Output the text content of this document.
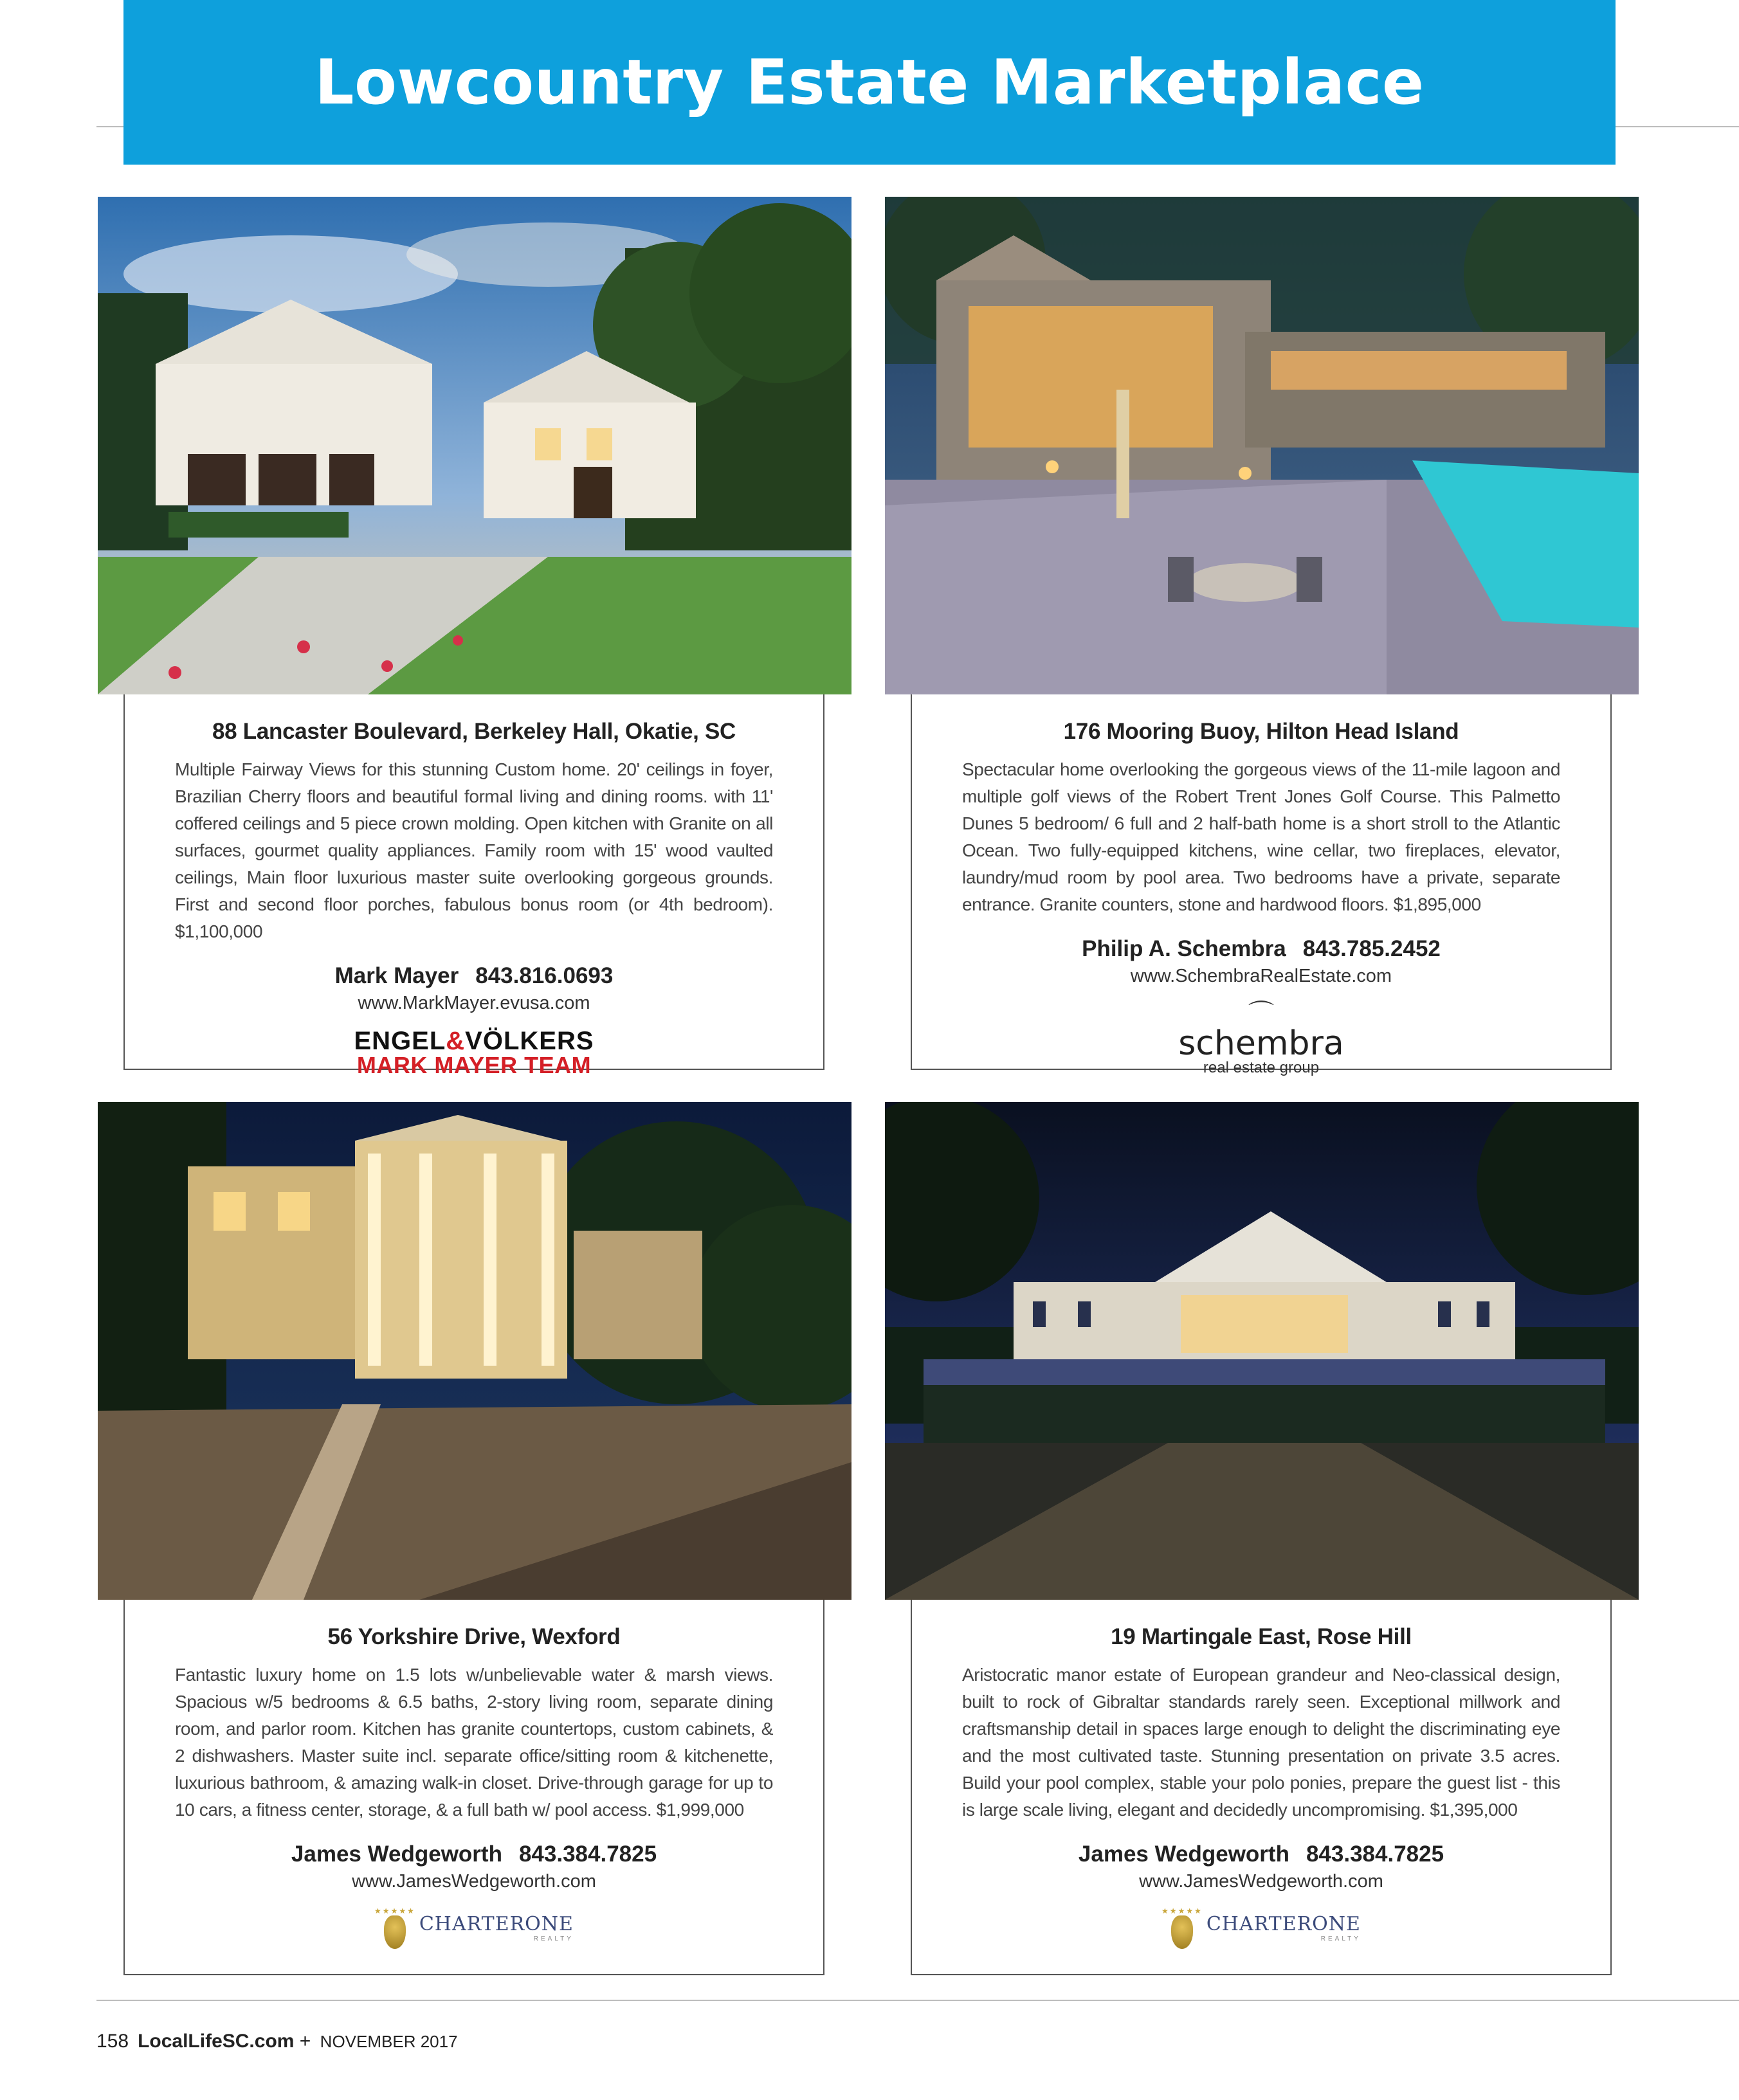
Lowcountry Estate Marketplace
88 Lancaster Boulevard, Berkeley Hall, Okatie, SC

Multiple Fairway Views for this stunning Custom home. 20' ceilings in foyer, Brazilian Cherry floors and beautiful formal living and dining rooms. with 11' coffered ceilings and 5 piece crown molding. Open kitchen with Granite on all surfaces, gourmet quality appliances. Family room with 15' wood vaulted ceilings, Main floor luxurious master suite overlooking gorgeous grounds. First and second floor porches, fabulous bonus room (or 4th bedroom). $1,100,000

Mark Mayer 843.816.0693
www.MarkMayer.evusa.com
ENGEL&VÖLKERS
MARK MAYER TEAM
176 Mooring Buoy, Hilton Head Island

Spectacular home overlooking the gorgeous views of the 11-mile lagoon and multiple golf views of the Robert Trent Jones Golf Course. This Palmetto Dunes 5 bedroom/ 6 full and 2 half-bath home is a short stroll to the Atlantic Ocean. Two fully-equipped kitchens, wine cellar, two fireplaces, elevator, laundry/mud room by pool area. Two bedrooms have a private, separate entrance. Granite counters, stone and hardwood floors. $1,895,000

Philip A. Schembra 843.785.2452
www.SchembraRealEstate.com
⌒
schembra
real estate group
56 Yorkshire Drive, Wexford

Fantastic luxury home on 1.5 lots w/unbelievable water & marsh views. Spacious w/5 bedrooms & 6.5 baths, 2-story living room, separate dining room, and parlor room. Kitchen has granite countertops, custom cabinets, & 2 dishwashers. Master suite incl. separate office/sitting room & kitchenette, luxurious bathroom, & amazing walk-in closet. Drive-through garage for up to 10 cars, a fitness center, storage, & a full bath w/ pool access. $1,999,000

James Wedgeworth 843.384.7825
www.JamesWedgeworth.com
★★★★★
CHARTERONE
REALTY
19 Martingale East, Rose Hill

Aristocratic manor estate of European grandeur and Neo-classical design, built to rock of Gibraltar standards rarely seen. Exceptional millwork and craftsmanship detail in spaces large enough to delight the discriminating eye and the most cultivated taste. Stunning presentation on private 3.5 acres. Build your pool complex, stable your polo ponies, prepare the guest list - this is large scale living, elegant and decidedly uncompromising. $1,395,000

James Wedgeworth 843.384.7825
www.JamesWedgeworth.com
★★★★★
CHARTERONE
REALTY
158 LocalLifeSC.com + NOVEMBER 2017
